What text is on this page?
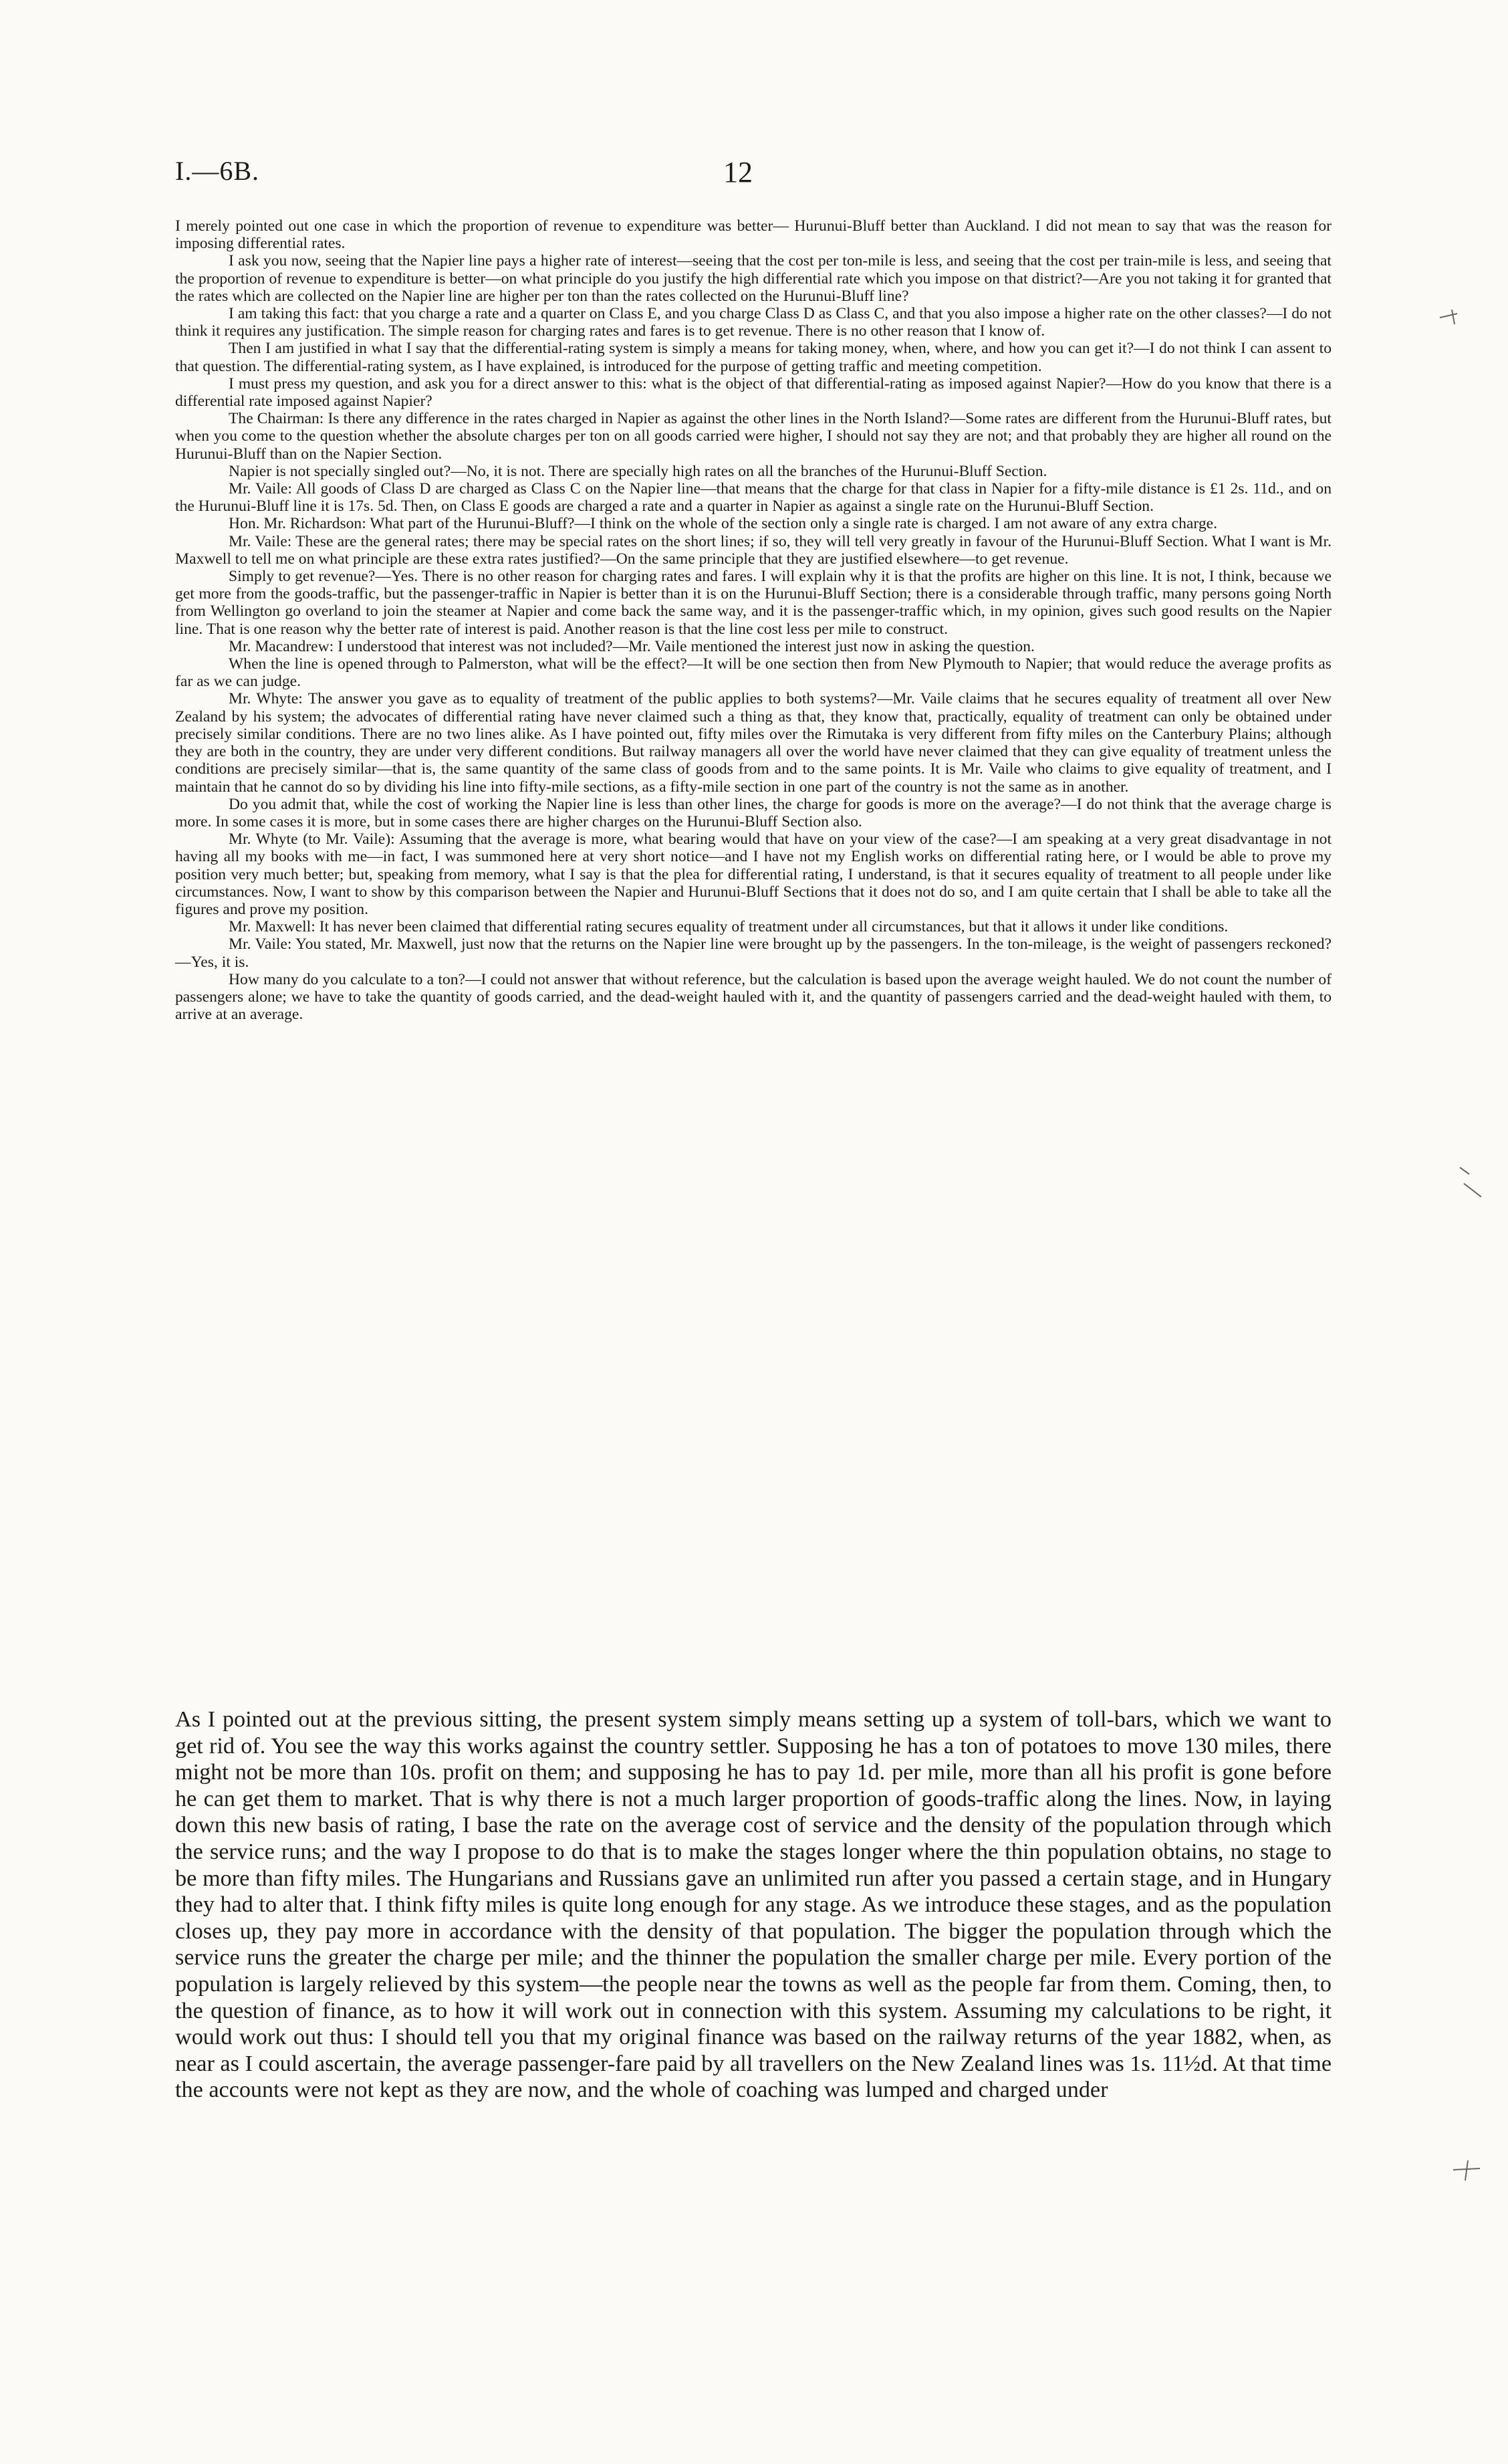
I.—6B.	12

I merely pointed out one case in which the proportion of revenue to expenditure was better— Hurunui-Bluff better than Auckland. I did not mean to say that was the reason for imposing differential rates.

I ask you now, seeing that the Napier line pays a higher rate of interest—seeing that the cost per ton-mile is less, and seeing that the cost per train-mile is less, and seeing that the proportion of revenue to expenditure is better—on what principle do you justify the high differential rate which you impose on that district?—Are you not taking it for granted that the rates which are collected on the Napier line are higher per ton than the rates collected on the Hurunui-Bluff line?

I am taking this fact: that you charge a rate and a quarter on Class E, and you charge Class D as Class C, and that you also impose a higher rate on the other classes?—I do not think it requires any justification. The simple reason for charging rates and fares is to get revenue. There is no other reason that I know of.

Then I am justified in what I say that the differential-rating system is simply a means for taking money, when, where, and how you can get it?—I do not think I can assent to that question. The differential-rating system, as I have explained, is introduced for the purpose of getting traffic and meeting competition.

I must press my question, and ask you for a direct answer to this: what is the object of that differential-rating as imposed against Napier?—How do you know that there is a differential rate imposed against Napier?

The Chairman: Is there any difference in the rates charged in Napier as against the other lines in the North Island?—Some rates are different from the Hurunui-Bluff rates, but when you come to the question whether the absolute charges per ton on all goods carried were higher, I should not say they are not; and that probably they are higher all round on the Hurunui-Bluff than on the Napier Section.

Napier is not specially singled out?—No, it is not. There are specially high rates on all the branches of the Hurunui-Bluff Section.

Mr. Vaile: All goods of Class D are charged as Class C on the Napier line—that means that the charge for that class in Napier for a fifty-mile distance is £1 2s. 11d., and on the Hurunui-Bluff line it is 17s. 5d. Then, on Class E goods are charged a rate and a quarter in Napier as against a single rate on the Hurunui-Bluff Section.

Hon. Mr. Richardson: What part of the Hurunui-Bluff?—I think on the whole of the section only a single rate is charged. I am not aware of any extra charge.

Mr. Vaile: These are the general rates; there may be special rates on the short lines; if so, they will tell very greatly in favour of the Hurunui-Bluff Section. What I want is Mr. Maxwell to tell me on what principle are these extra rates justified?—On the same principle that they are justified elsewhere—to get revenue.

Simply to get revenue?—Yes. There is no other reason for charging rates and fares. I will explain why it is that the profits are higher on this line. It is not, I think, because we get more from the goods-traffic, but the passenger-traffic in Napier is better than it is on the Hurunui-Bluff Section; there is a considerable through traffic, many persons going North from Wellington go overland to join the steamer at Napier and come back the same way, and it is the passenger-traffic which, in my opinion, gives such good results on the Napier line. That is one reason why the better rate of interest is paid. Another reason is that the line cost less per mile to construct.

Mr. Macandrew: I understood that interest was not included?—Mr. Vaile mentioned the interest just now in asking the question.

When the line is opened through to Palmerston, what will be the effect?—It will be one section then from New Plymouth to Napier; that would reduce the average profits as far as we can judge.

Mr. Whyte: The answer you gave as to equality of treatment of the public applies to both systems?—Mr. Vaile claims that he secures equality of treatment all over New Zealand by his system; the advocates of differential rating have never claimed such a thing as that, they know that, practically, equality of treatment can only be obtained under precisely similar conditions. There are no two lines alike. As I have pointed out, fifty miles over the Rimutaka is very different from fifty miles on the Canterbury Plains; although they are both in the country, they are under very different conditions. But railway managers all over the world have never claimed that they can give equality of treatment unless the conditions are precisely similar—that is, the same quantity of the same class of goods from and to the same points. It is Mr. Vaile who claims to give equality of treatment, and I maintain that he cannot do so by dividing his line into fifty-mile sections, as a fifty-mile section in one part of the country is not the same as in another.

Do you admit that, while the cost of working the Napier line is less than other lines, the charge for goods is more on the average?—I do not think that the average charge is more. In some cases it is more, but in some cases there are higher charges on the Hurunui-Bluff Section also.

Mr. Whyte (to Mr. Vaile): Assuming that the average is more, what bearing would that have on your view of the case?—I am speaking at a very great disadvantage in not having all my books with me—in fact, I was summoned here at very short notice—and I have not my English works on differential rating here, or I would be able to prove my position very much better; but, speaking from memory, what I say is that the plea for differential rating, I understand, is that it secures equality of treatment to all people under like circumstances. Now, I want to show by this comparison between the Napier and Hurunui-Bluff Sections that it does not do so, and I am quite certain that I shall be able to take all the figures and prove my position.

Mr. Maxwell: It has never been claimed that differential rating secures equality of treatment under all circumstances, but that it allows it under like conditions.

Mr. Vaile: You stated, Mr. Maxwell, just now that the returns on the Napier line were brought up by the passengers. In the ton-mileage, is the weight of passengers reckoned?—Yes, it is.

How many do you calculate to a ton?—I could not answer that without reference, but the calculation is based upon the average weight hauled. We do not count the number of passengers alone; we have to take the quantity of goods carried, and the dead-weight hauled with it, and the quantity of passengers carried and the dead-weight hauled with them, to arrive at an average.

As I pointed out at the previous sitting, the present system simply means setting up a system of toll-bars, which we want to get rid of. You see the way this works against the country settler. Supposing he has a ton of potatoes to move 130 miles, there might not be more than 10s. profit on them; and supposing he has to pay 1d. per mile, more than all his profit is gone before he can get them to market. That is why there is not a much larger proportion of goods-traffic along the lines. Now, in laying down this new basis of rating, I base the rate on the average cost of service and the density of the population through which the service runs; and the way I propose to do that is to make the stages longer where the thin population obtains, no stage to be more than fifty miles. The Hungarians and Russians gave an unlimited run after you passed a certain stage, and in Hungary they had to alter that. I think fifty miles is quite long enough for any stage. As we introduce these stages, and as the population closes up, they pay more in accordance with the density of that population. The bigger the population through which the service runs the greater the charge per mile; and the thinner the population the smaller charge per mile. Every portion of the population is largely relieved by this system—the people near the towns as well as the people far from them. Coming, then, to the question of finance, as to how it will work out in connection with this system. Assuming my calculations to be right, it would work out thus: I should tell you that my original finance was based on the railway returns of the year 1882, when, as near as I could ascertain, the average passenger-fare paid by all travellers on the New Zealand lines was 1s. 11½d. At that time the accounts were not kept as they are now, and the whole of coaching was lumped and charged under
